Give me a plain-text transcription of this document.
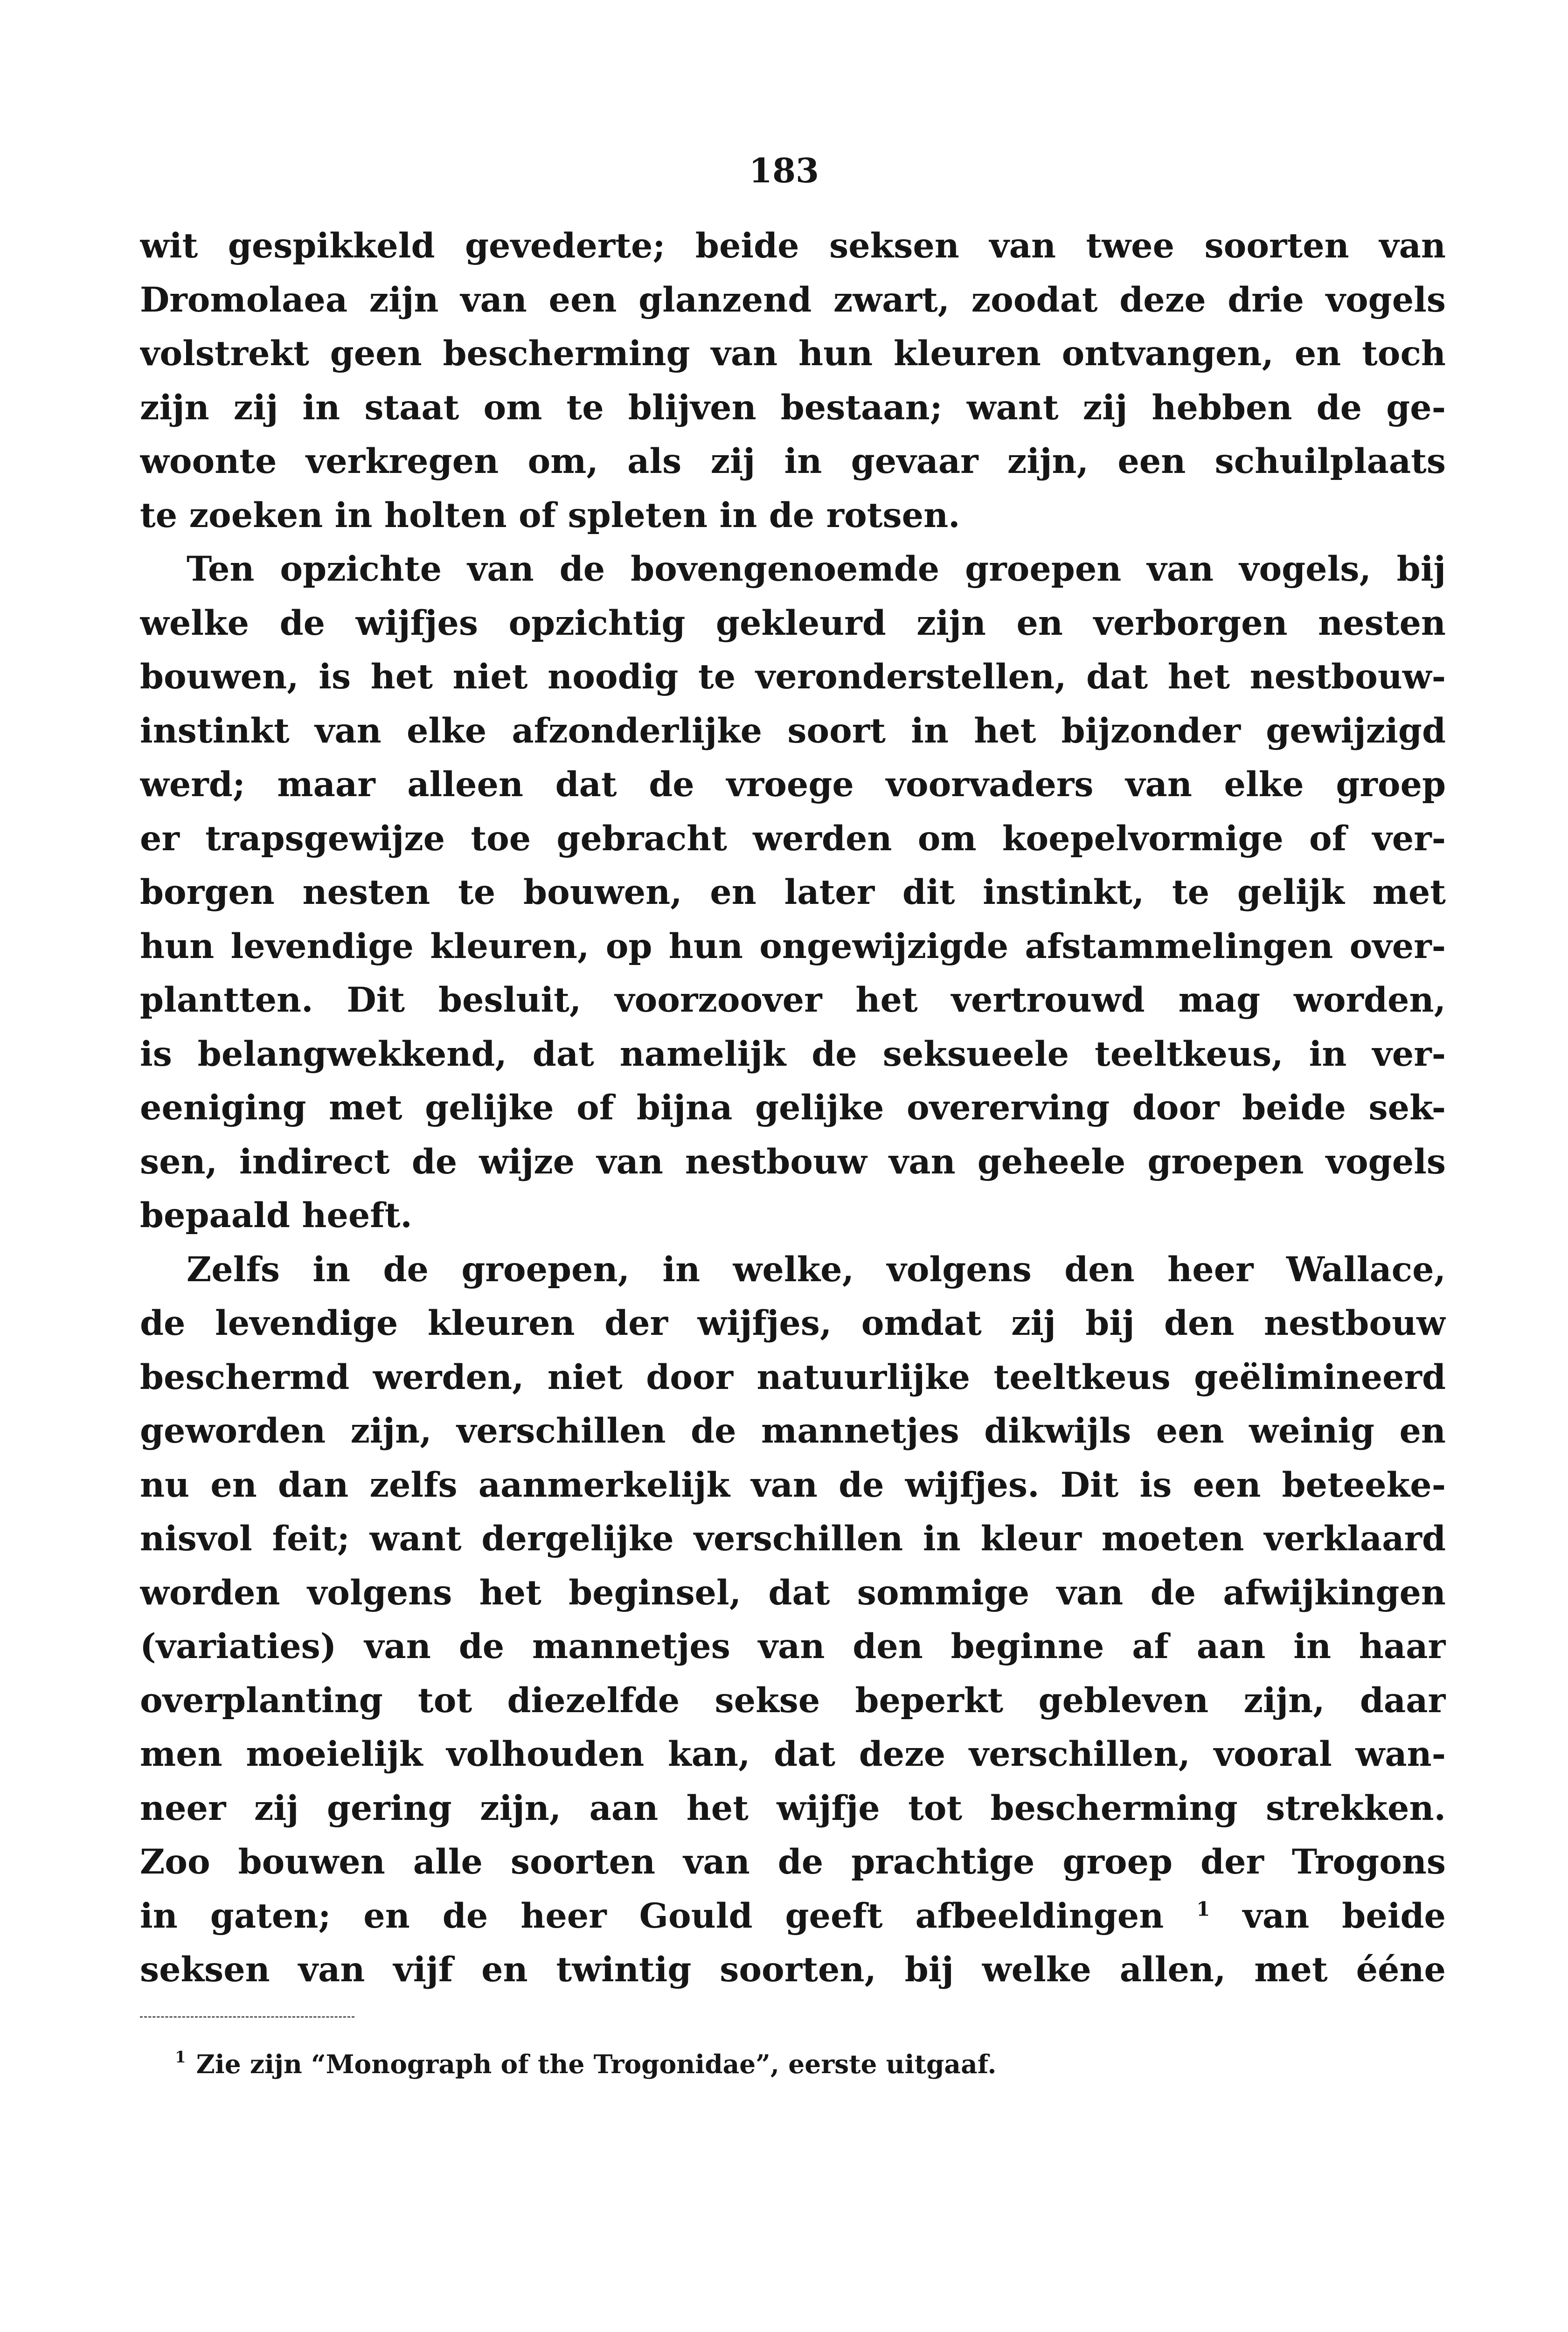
183
wit gespikkeld gevederte; beide seksen van twee soorten van
Dromolaea zijn van een glanzend zwart, zoodat deze drie vogels
volstrekt geen bescherming van hun kleuren ontvangen, en toch
zijn zij in staat om te blijven bestaan; want zij hebben de ge-
woonte verkregen om, als zij in gevaar zijn, een schuilplaats
te zoeken in holten of spleten in de rotsen.
Ten opzichte van de bovengenoemde groepen van vogels, bij
welke de wijfjes opzichtig gekleurd zijn en verborgen nesten
bouwen, is het niet noodig te veronderstellen, dat het nestbouw-
instinkt van elke afzonderlijke soort in het bijzonder gewijzigd
werd; maar alleen dat de vroege voorvaders van elke groep
er trapsgewijze toe gebracht werden om koepelvormige of ver-
borgen nesten te bouwen, en later dit instinkt, te gelijk met
hun levendige kleuren, op hun ongewijzigde afstammelingen over-
plantten. Dit besluit, voorzoover het vertrouwd mag worden,
is belangwekkend, dat namelijk de seksueele teeltkeus, in ver-
eeniging met gelijke of bijna gelijke overerving door beide sek-
sen, indirect de wijze van nestbouw van geheele groepen vogels
bepaald heeft.
Zelfs in de groepen, in welke, volgens den heer Wallace,
de levendige kleuren der wijfjes, omdat zij bij den nestbouw
beschermd werden, niet door natuurlijke teeltkeus geëlimineerd
geworden zijn, verschillen de mannetjes dikwijls een weinig en
nu en dan zelfs aanmerkelijk van de wijfjes. Dit is een beteeke-
nisvol feit; want dergelijke verschillen in kleur moeten verklaard
worden volgens het beginsel, dat sommige van de afwijkingen
(variaties) van de mannetjes van den beginne af aan in haar
overplanting tot diezelfde sekse beperkt gebleven zijn, daar
men moeielijk volhouden kan, dat deze verschillen, vooral wan-
neer zij gering zijn, aan het wijfje tot bescherming strekken.
Zoo bouwen alle soorten van de prachtige groep der Trogons
in gaten; en de heer Gould geeft afbeeldingen $^1$ van beide
seksen van vijf en twintig soorten, bij welke allen, met ééne
$^1$ Zie zijn “Monograph of the Trogonidae”, eerste uitgaaf.
